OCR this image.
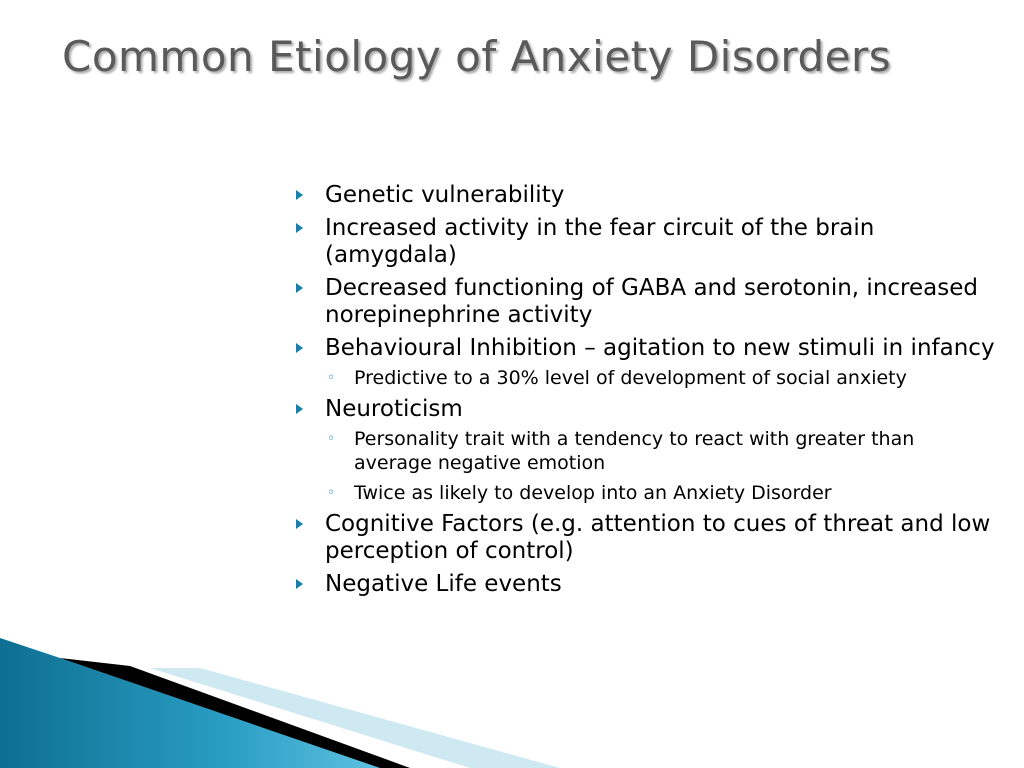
Common Etiology of Anxiety Disorders
Genetic vulnerability
Increased activity in the fear circuit of the brain (amygdala)
Decreased functioning of GABA and serotonin, increased norepinephrine activity
Behavioural Inhibition – agitation to new stimuli in infancy
◦ Predictive to a 30% level of development of social anxiety
Neuroticism
◦ Personality trait with a tendency to react with greater than average negative emotion
◦ Twice as likely to develop into an Anxiety Disorder
Cognitive Factors (e.g. attention to cues of threat and low perception of control)
Negative Life events
